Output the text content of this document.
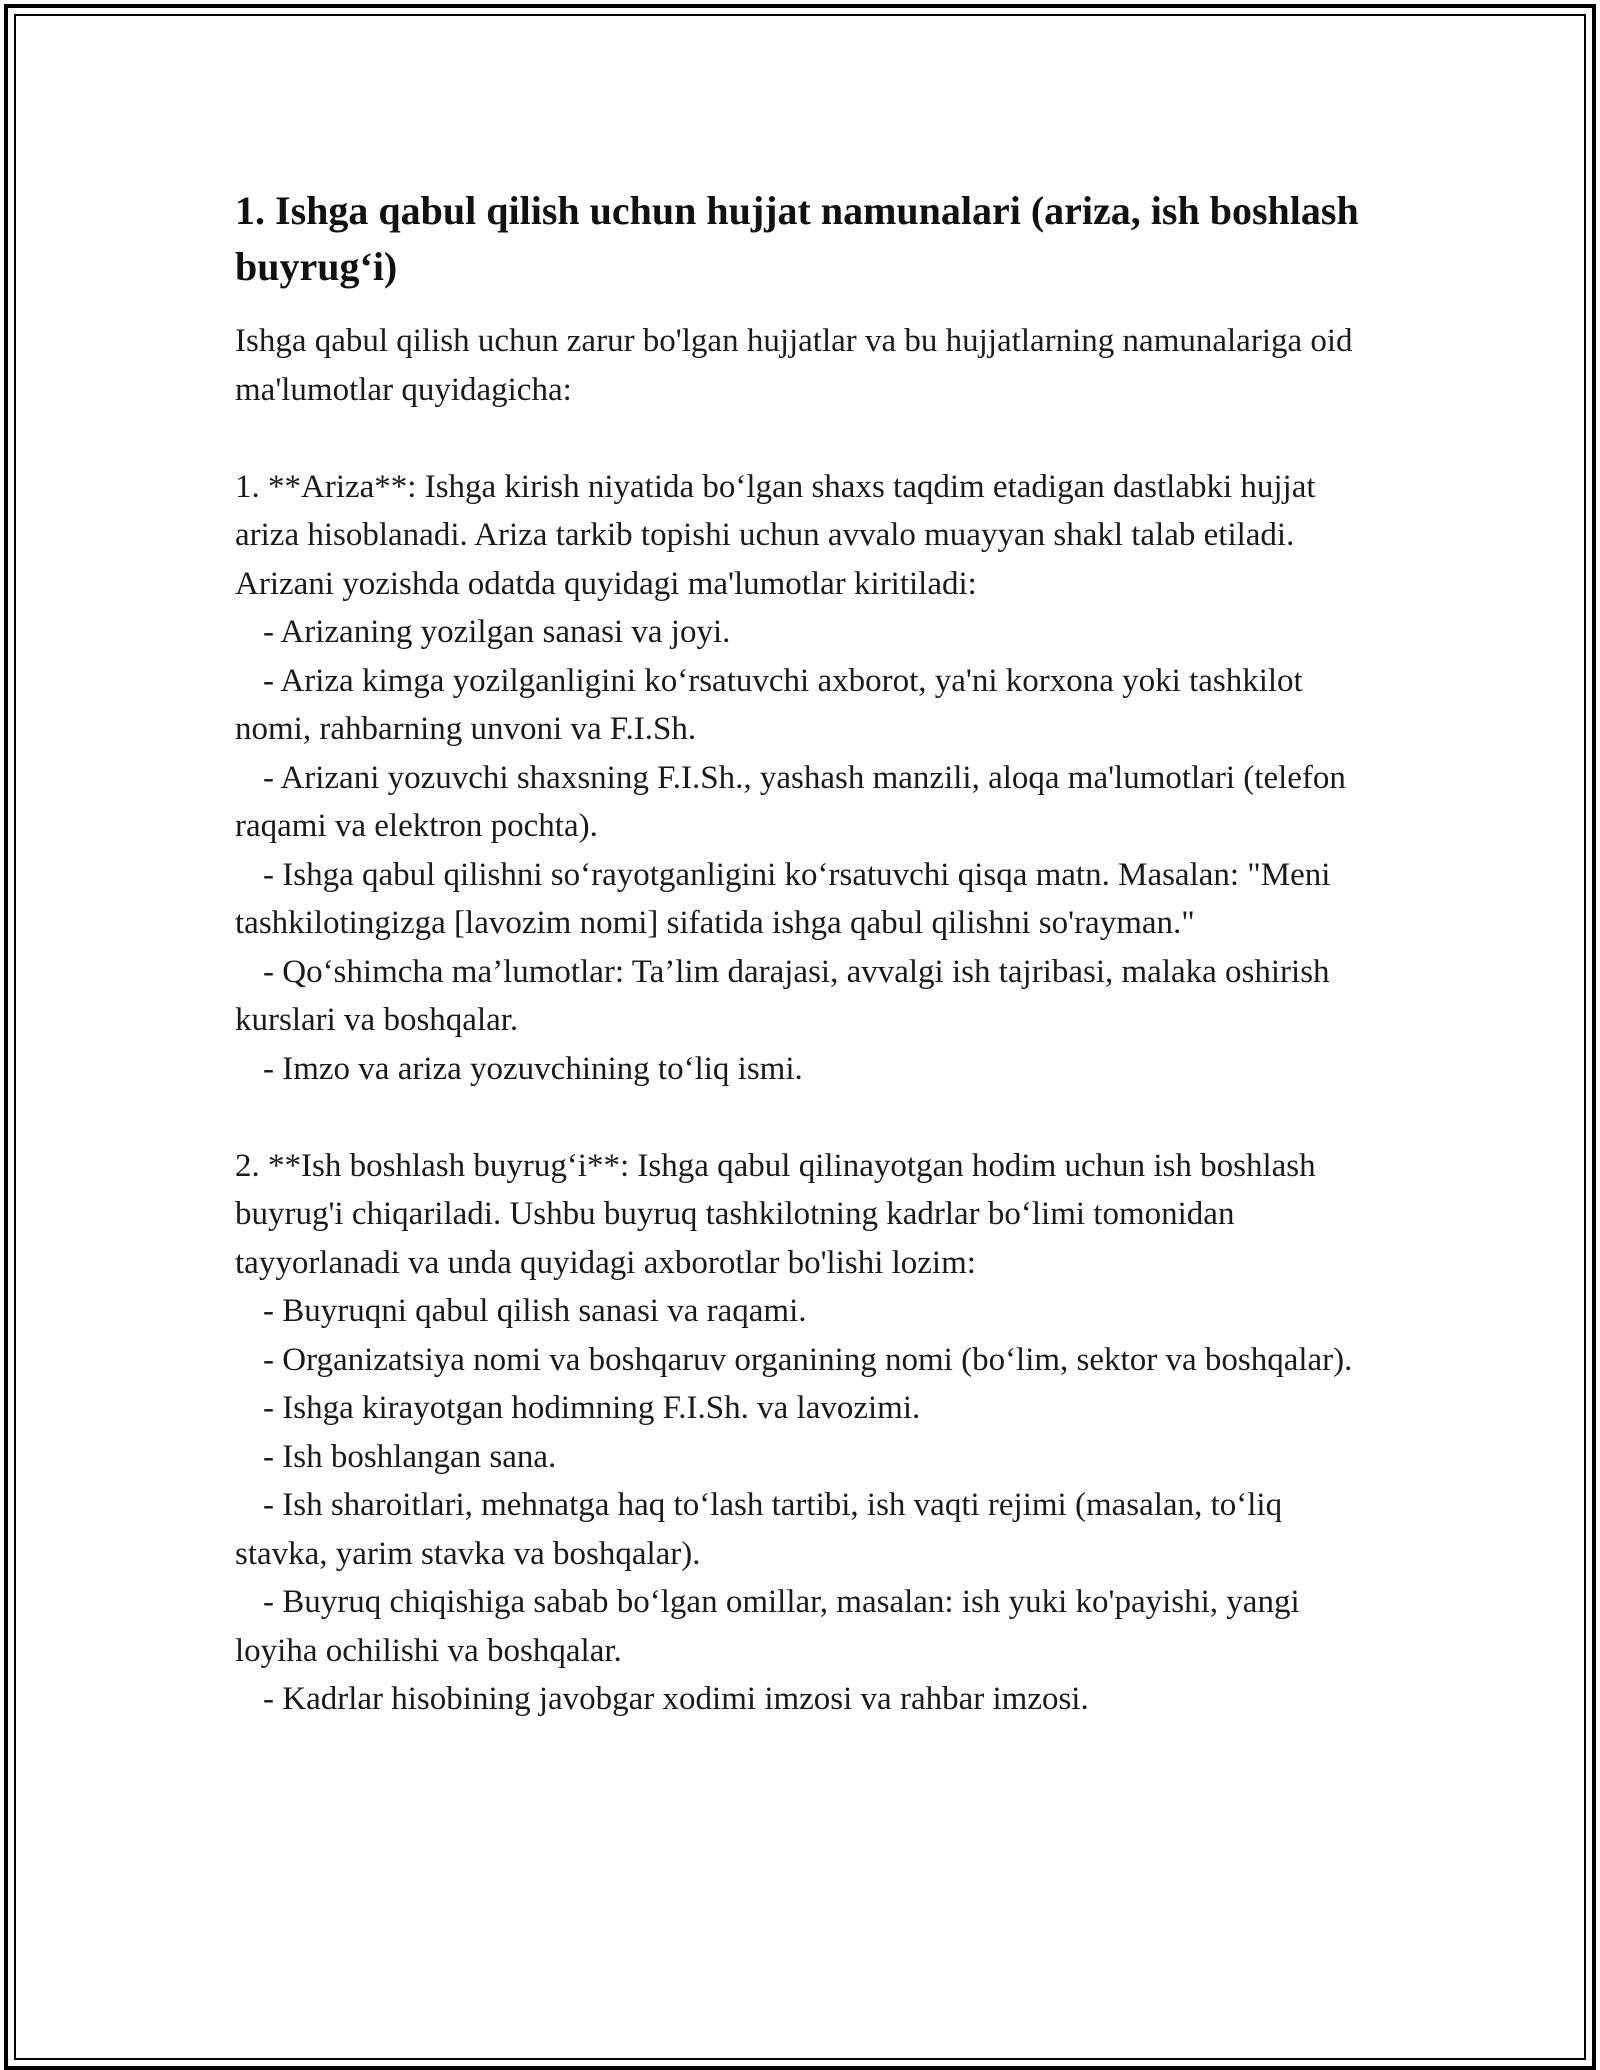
1. Ishga qabul qilish uchun hujjat namunalari (ariza, ish boshlash buyrug‘i)

Ishga qabul qilish uchun zarur bo'lgan hujjatlar va bu hujjatlarning namunalariga oid ma'lumotlar quyidagicha:

1. **Ariza**: Ishga kirish niyatida bo‘lgan shaxs taqdim etadigan dastlabki hujjat ariza hisoblanadi. Ariza tarkib topishi uchun avvalo muayyan shakl talab etiladi. Arizani yozishda odatda quyidagi ma'lumotlar kiritiladi:

- Arizaning yozilgan sanasi va joyi.

- Ariza kimga yozilganligini ko‘rsatuvchi axborot, ya'ni korxona yoki tashkilot nomi, rahbarning unvoni va F.I.Sh.

- Arizani yozuvchi shaxsning F.I.Sh., yashash manzili, aloqa ma'lumotlari (telefon raqami va elektron pochta).

- Ishga qabul qilishni so‘rayotganligini ko‘rsatuvchi qisqa matn. Masalan: "Meni tashkilotingizga [lavozim nomi] sifatida ishga qabul qilishni so'rayman."

- Qo‘shimcha ma’lumotlar: Ta’lim darajasi, avvalgi ish tajribasi, malaka oshirish kurslari va boshqalar.

- Imzo va ariza yozuvchining to‘liq ismi.

2. **Ish boshlash buyrug‘i**: Ishga qabul qilinayotgan hodim uchun ish boshlash buyrug'i chiqariladi. Ushbu buyruq tashkilotning kadrlar bo‘limi tomonidan tayyorlanadi va unda quyidagi axborotlar bo'lishi lozim:

- Buyruqni qabul qilish sanasi va raqami.

- Organizatsiya nomi va boshqaruv organining nomi (bo‘lim, sektor va boshqalar).

- Ishga kirayotgan hodimning F.I.Sh. va lavozimi.

- Ish boshlangan sana.

- Ish sharoitlari, mehnatga haq to‘lash tartibi, ish vaqti rejimi (masalan, to‘liq stavka, yarim stavka va boshqalar).

- Buyruq chiqishiga sabab bo‘lgan omillar, masalan: ish yuki ko'payishi, yangi loyiha ochilishi va boshqalar.

- Kadrlar hisobining javobgar xodimi imzosi va rahbar imzosi.
